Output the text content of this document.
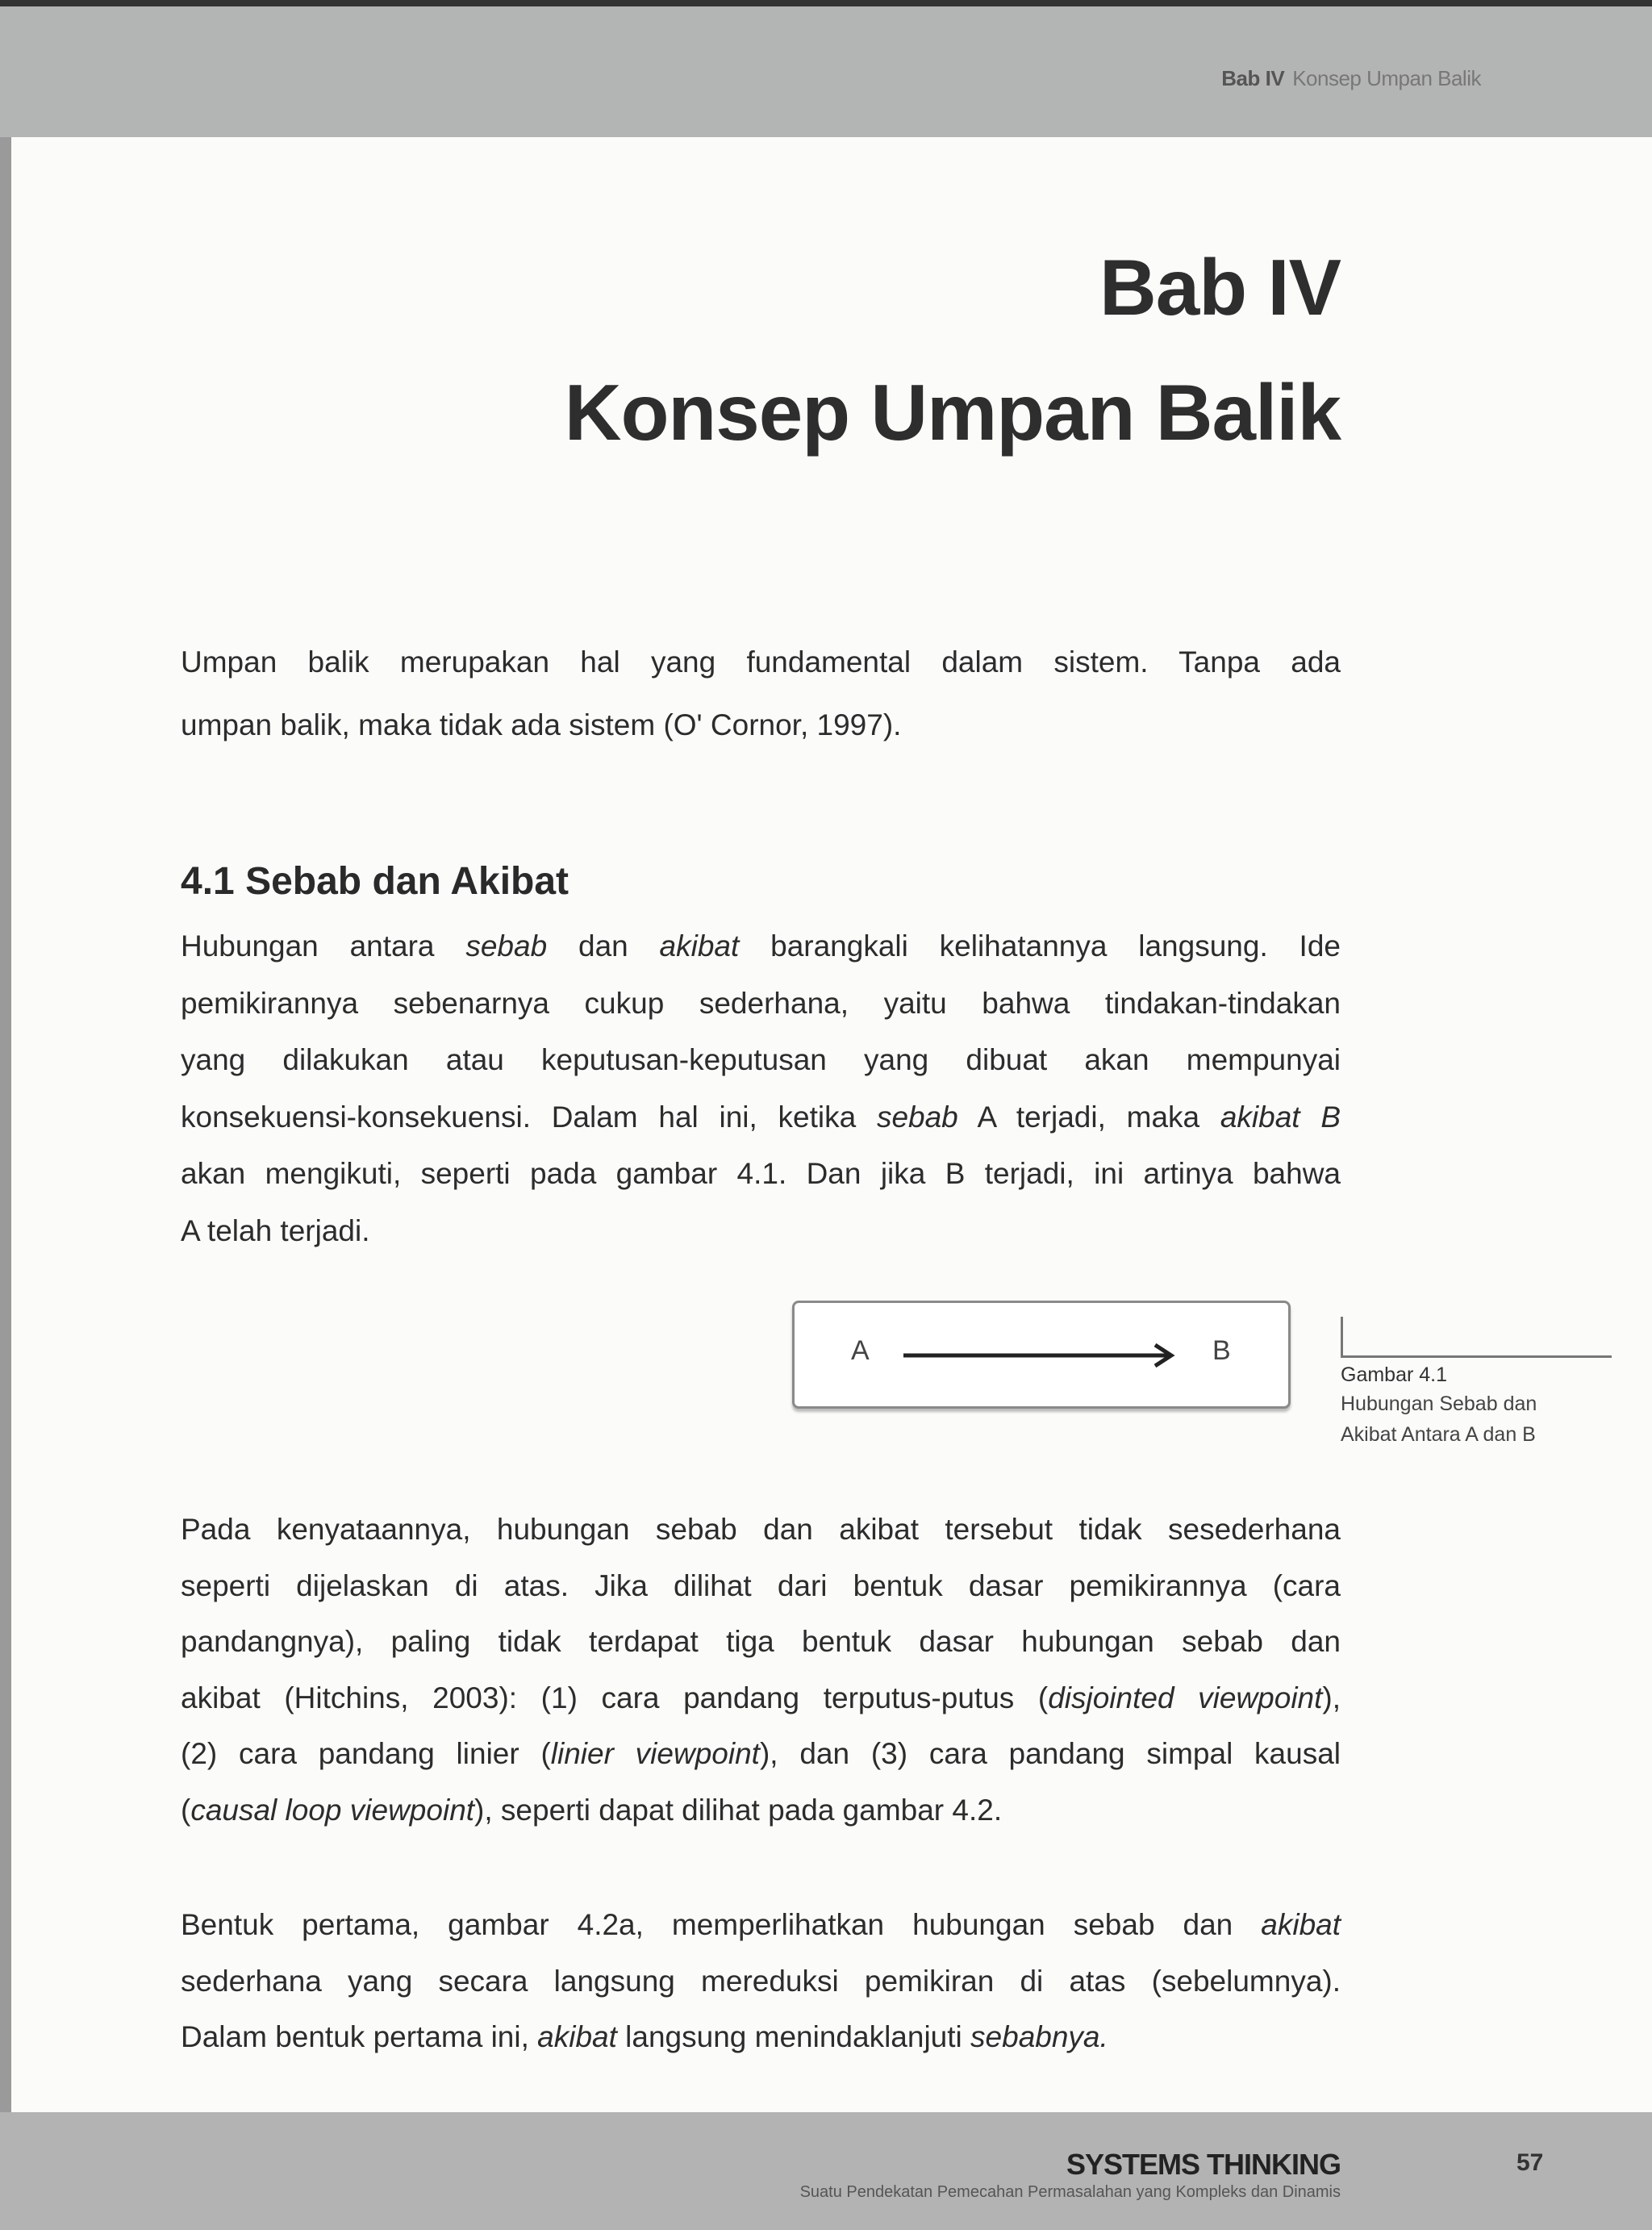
Bab IV Konsep Umpan Balik
Bab IV
Konsep Umpan Balik
Umpan balik merupakan hal yang fundamental dalam sistem. Tanpa ada
umpan balik, maka tidak ada sistem (O' Cornor, 1997).
4.1 Sebab dan Akibat
Hubungan antara sebab dan akibat barangkali kelihatannya langsung. Ide
pemikirannya sebenarnya cukup sederhana, yaitu bahwa tindakan-tindakan
yang dilakukan atau keputusan-keputusan yang dibuat akan mempunyai
konsekuensi-konsekuensi. Dalam hal ini, ketika sebab A terjadi, maka akibat B
akan mengikuti, seperti pada gambar 4.1. Dan jika B terjadi, ini artinya bahwa
A telah terjadi.
A	B
Gambar 4.1
Hubungan Sebab dan
Akibat Antara A dan B
Pada kenyataannya, hubungan sebab dan akibat tersebut tidak sesederhana
seperti dijelaskan di atas. Jika dilihat dari bentuk dasar pemikirannya (cara
pandangnya), paling tidak terdapat tiga bentuk dasar hubungan sebab dan
akibat (Hitchins, 2003): (1) cara pandang terputus-putus (disjointed viewpoint),
(2) cara pandang linier (linier viewpoint), dan (3) cara pandang simpal kausal
(causal loop viewpoint), seperti dapat dilihat pada gambar 4.2.
Bentuk pertama, gambar 4.2a, memperlihatkan hubungan sebab dan akibat
sederhana yang secara langsung mereduksi pemikiran di atas (sebelumnya).
Dalam bentuk pertama ini, akibat langsung menindaklanjuti sebabnya.
SYSTEMS THINKING
Suatu Pendekatan Pemecahan Permasalahan yang Kompleks dan Dinamis
57
